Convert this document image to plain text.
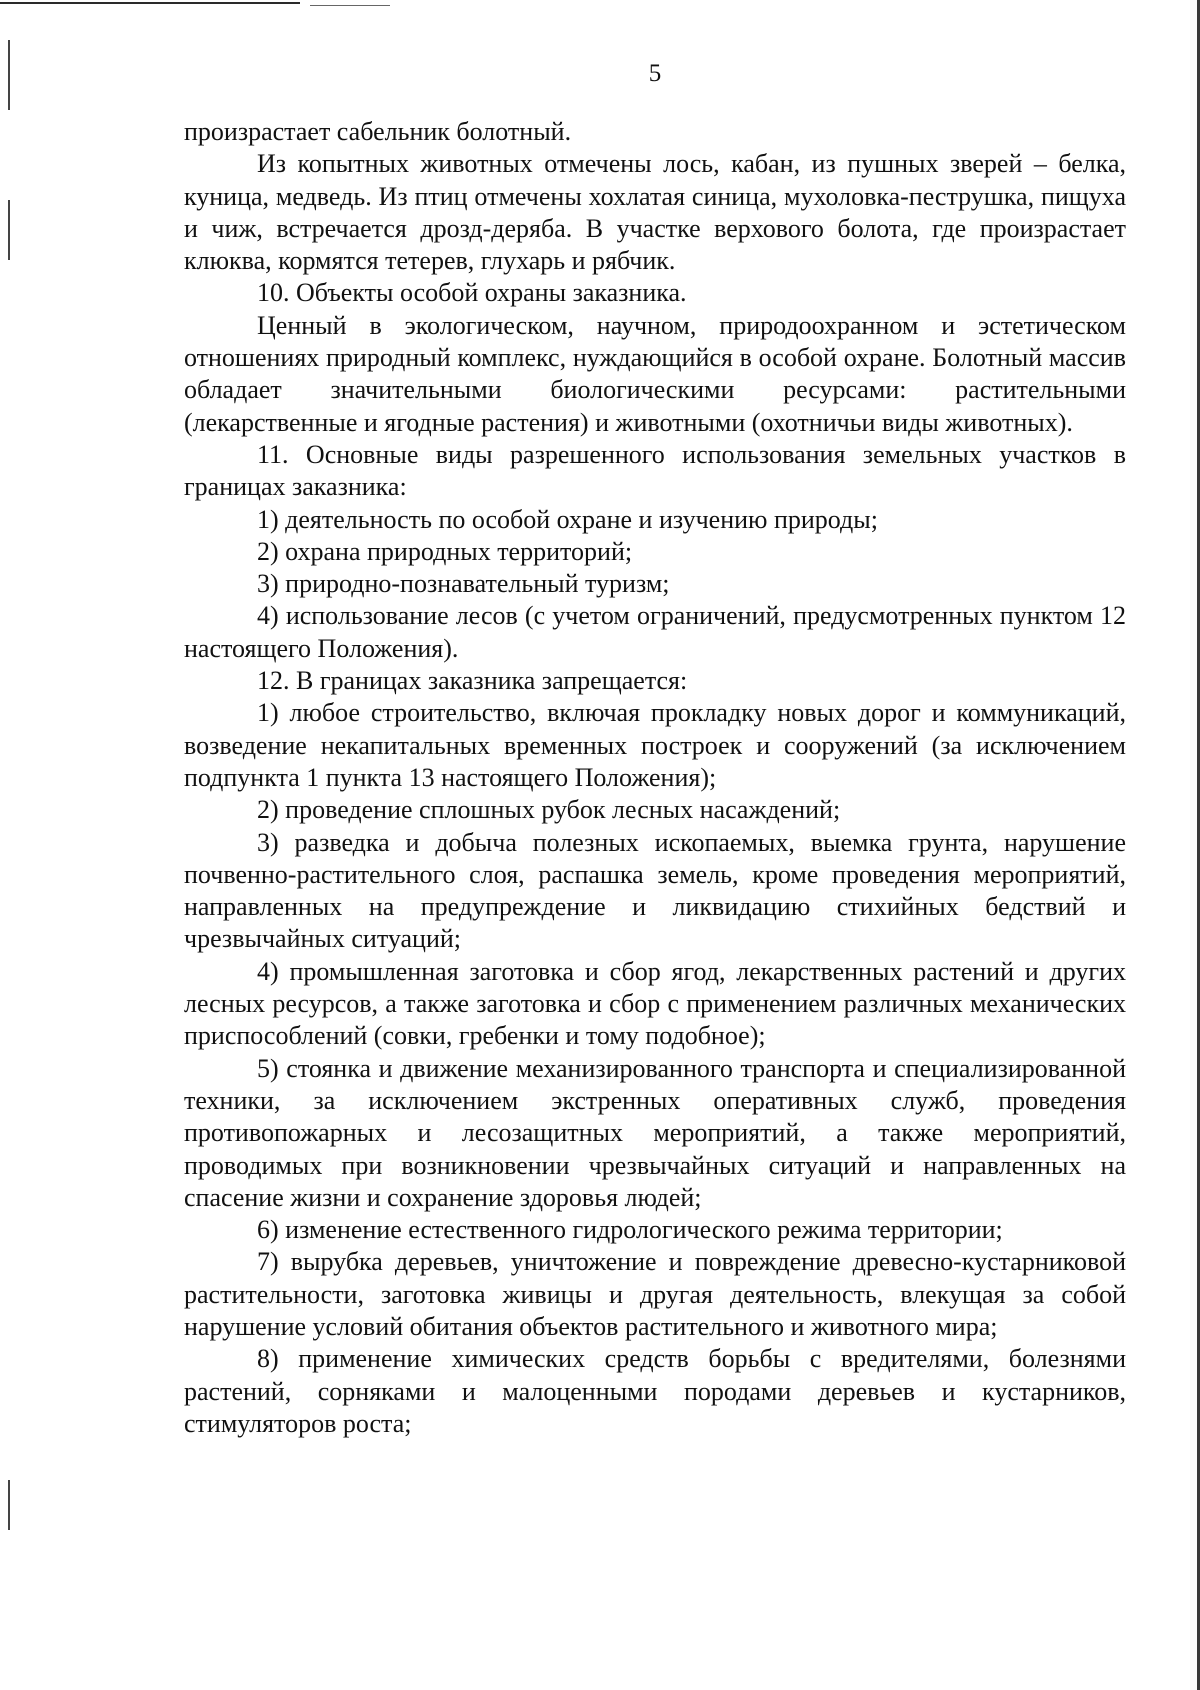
5

произрастает сабельник болотный.

Из копытных животных отмечены лось, кабан, из пушных зверей – белка, куница, медведь. Из птиц отмечены хохлатая синица, мухоловка-пеструшка, пищуха и чиж, встречается дрозд-деряба. В участке верхового болота, где произрастает клюква, кормятся тетерев, глухарь и рябчик.

10. Объекты особой охраны заказника.

Ценный в экологическом, научном, природоохранном и эстетическом отношениях природный комплекс, нуждающийся в особой охране. Болотный массив обладает значительными биологическими ресурсами: растительными (лекарственные и ягодные растения) и животными (охотничьи виды животных).

11. Основные виды разрешенного использования земельных участков в границах заказника:

1) деятельность по особой охране и изучению природы;

2) охрана природных территорий;

3) природно-познавательный туризм;

4) использование лесов (с учетом ограничений, предусмотренных пунктом 12 настоящего Положения).

12. В границах заказника запрещается:

1) любое строительство, включая прокладку новых дорог и коммуникаций, возведение некапитальных временных построек и сооружений (за исключением подпункта 1 пункта 13 настоящего Положения);

2) проведение сплошных рубок лесных насаждений;

3) разведка и добыча полезных ископаемых, выемка грунта, нарушение почвенно-растительного слоя, распашка земель, кроме проведения мероприятий, направленных на предупреждение и ликвидацию стихийных бедствий и чрезвычайных ситуаций;

4) промышленная заготовка и сбор ягод, лекарственных растений и других лесных ресурсов, а также заготовка и сбор с применением различных механических приспособлений (совки, гребенки и тому подобное);

5) стоянка и движение механизированного транспорта и специализированной техники, за исключением экстренных оперативных служб, проведения противопожарных и лесозащитных мероприятий, а также мероприятий, проводимых при возникновении чрезвычайных ситуаций и направленных на спасение жизни и сохранение здоровья людей;

6) изменение естественного гидрологического режима территории;

7) вырубка деревьев, уничтожение и повреждение древесно-кустарниковой растительности, заготовка живицы и другая деятельность, влекущая за собой нарушение условий обитания объектов растительного и животного мира;

8) применение химических средств борьбы с вредителями, болезнями растений, сорняками и малоценными породами деревьев и кустарников, стимуляторов роста;
